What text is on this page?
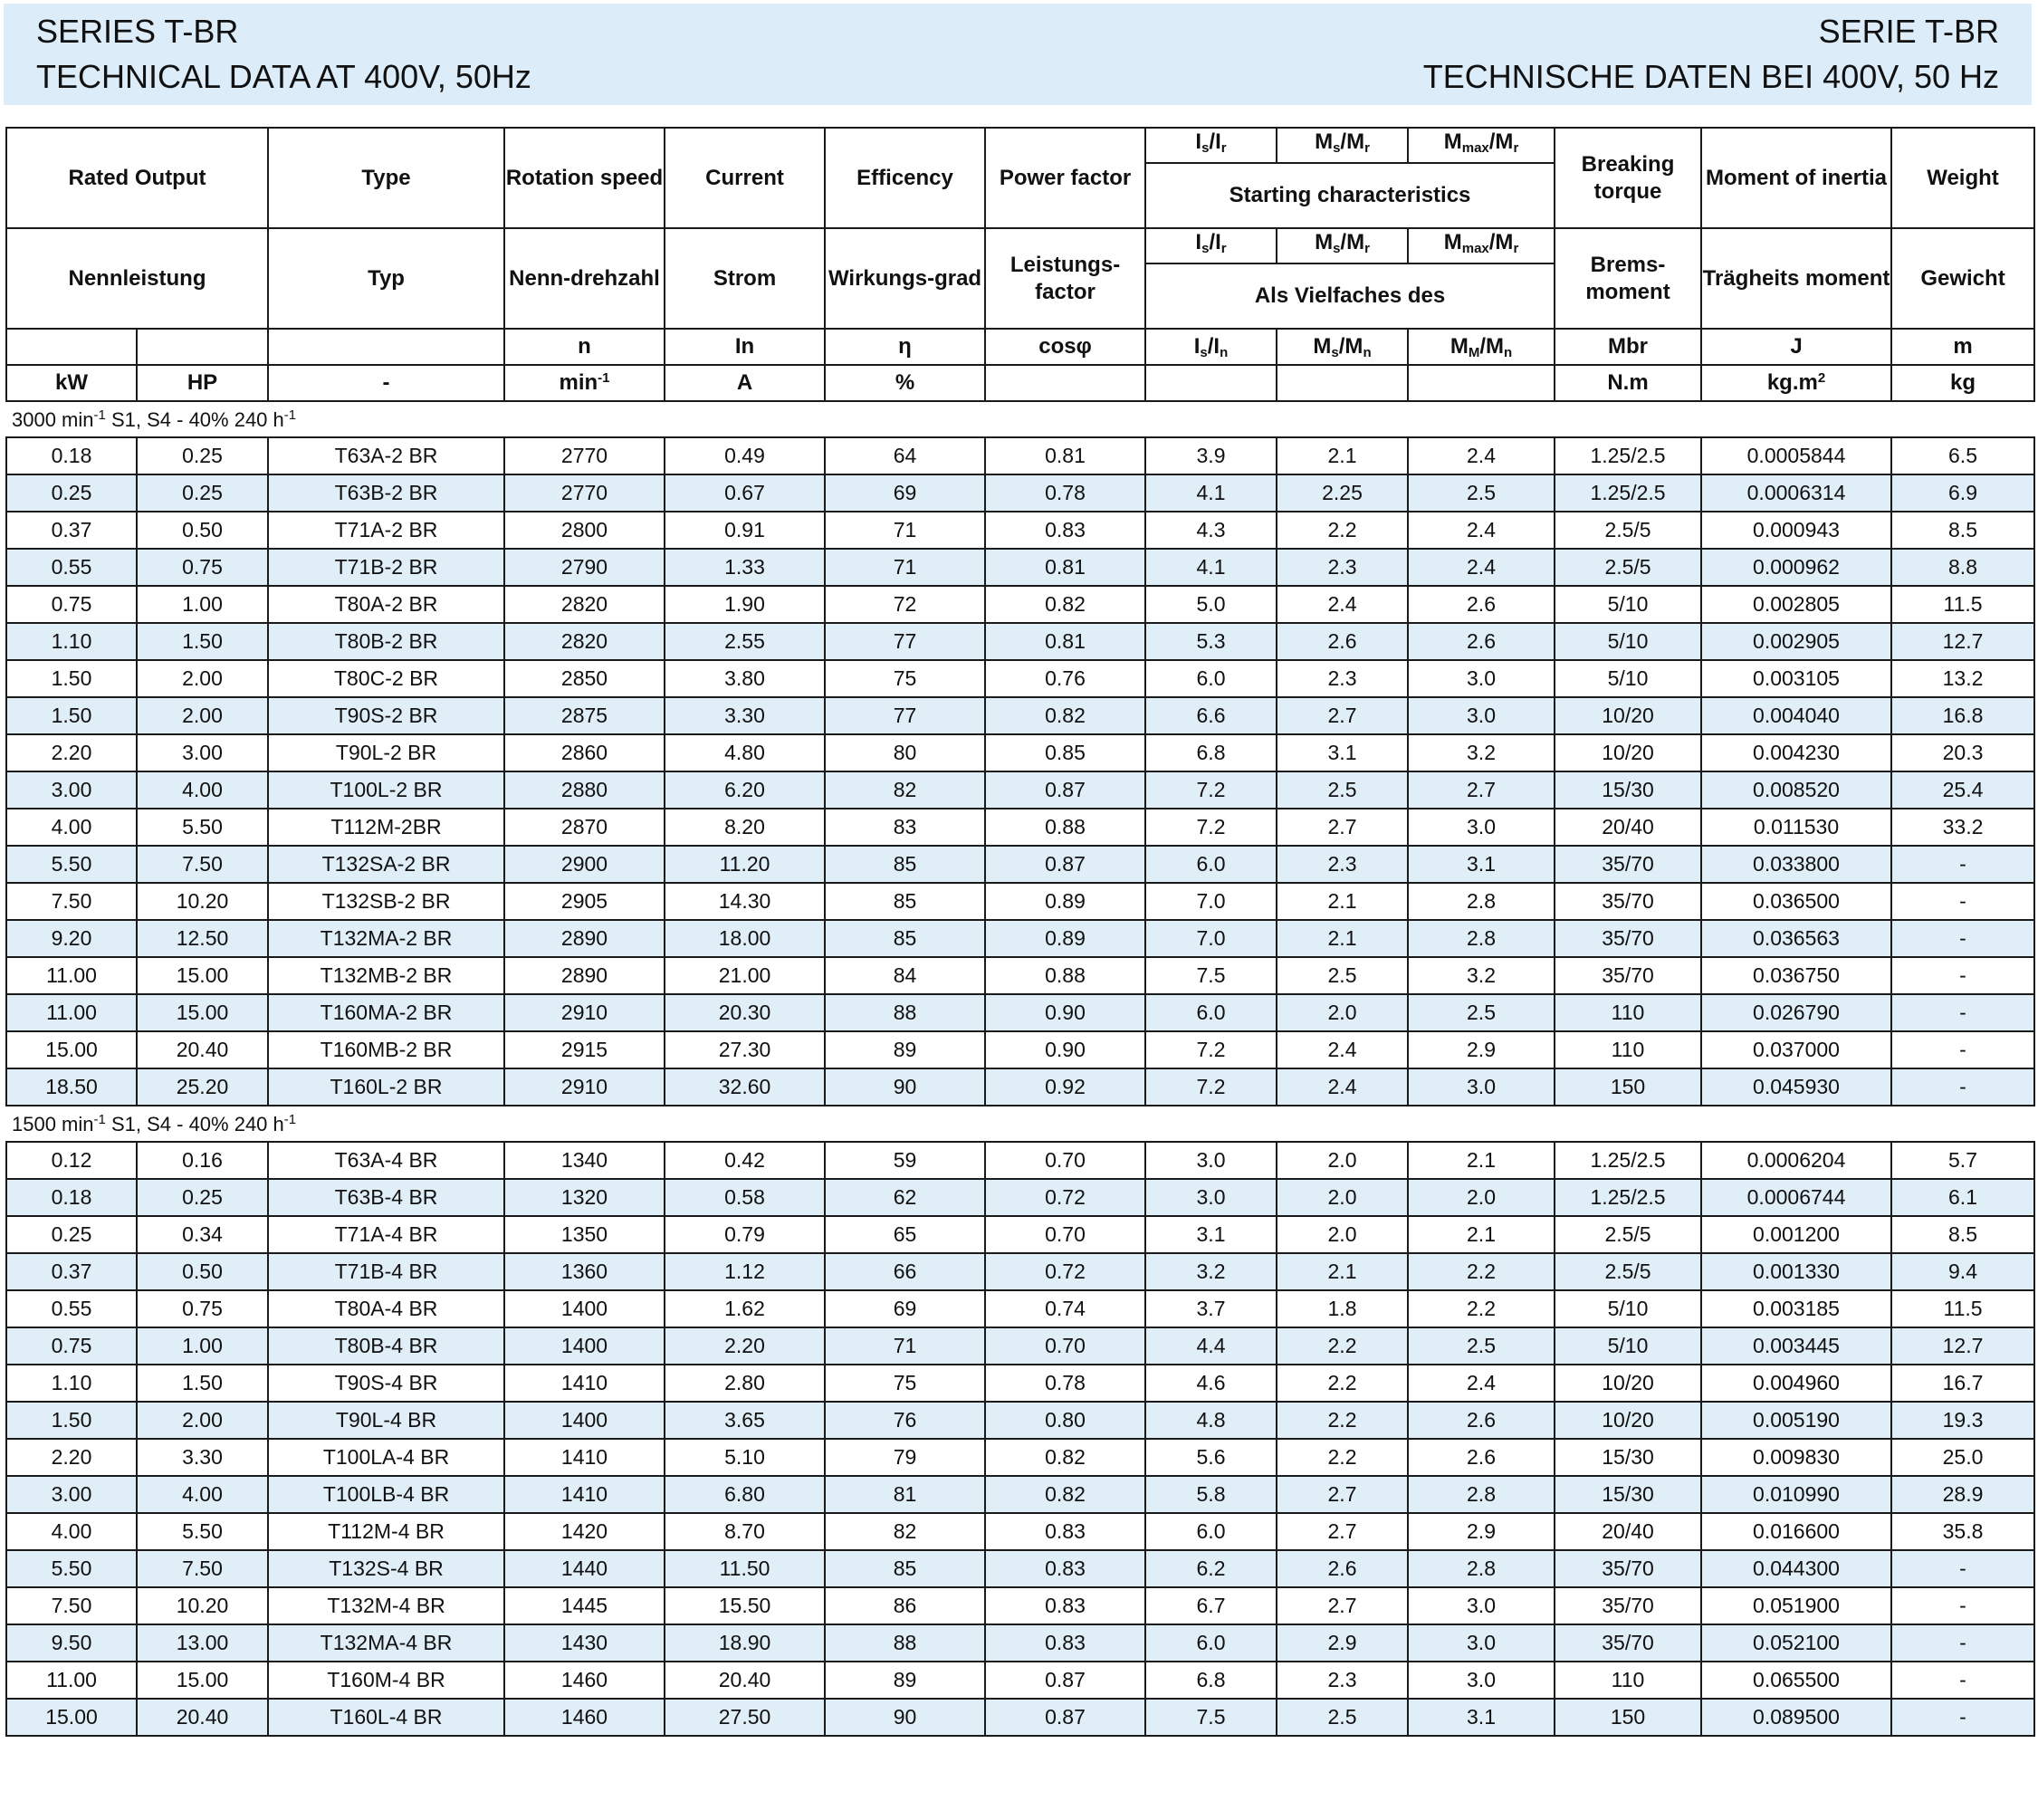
SERIES T-BR
TECHNICAL DATA AT 400V, 50Hz
SERIE T-BR
TECHNISCHE DATEN BEI 400V, 50 Hz
Rated Output		Type	Rotation speed	Current	Efficency	Power factor	$I_s/I_r$	$M_s/M_r$	$M_{max}/M_r$	Breaking torque	Moment of inertia	Weight
							Starting characteristics					
Nennleistung		Typ	Nenn-drehzahl	Strom	Wirkungs-grad	Leistungs-factor	$I_s/I_r$	$M_s/M_r$	$M_{max}/M_r$	Brems-moment	Trägheits moment	Gewicht
							Als Vielfaches des					
			n	In	η	cosφ	$I_s/I_n$	$M_s/M_n$	$M_M/M_n$	Mbr	J	m
kW	HP	-	$\min^{-1}$	A	%					N.m	$kg.m^2$	kg
3000 $\min^{-1} S1$, S4 - 40% 240 $h^{-1}$
0.18	0.25	T63A-2 BR	2770	0.49	64	0.81	3.9	2.1	2.4	1.25/2.5	0.0005844	6.5
0.25	0.25	T63B-2 BR	2770	0.67	69	0.78	4.1	2.25	2.5	1.25/2.5	0.0006314	6.9
0.37	0.50	T71A-2 BR	2800	0.91	71	0.83	4.3	2.2	2.4	2.5/5	0.000943	8.5
0.55	0.75	T71B-2 BR	2790	1.33	71	0.81	4.1	2.3	2.4	2.5/5	0.000962	8.8
0.75	1.00	T80A-2 BR	2820	1.90	72	0.82	5.0	2.4	2.6	5/10	0.002805	11.5
1.10	1.50	T80B-2 BR	2820	2.55	77	0.81	5.3	2.6	2.6	5/10	0.002905	12.7
1.50	2.00	T80C-2 BR	2850	3.80	75	0.76	6.0	2.3	3.0	5/10	0.003105	13.2
1.50	2.00	T90S-2 BR	2875	3.30	77	0.82	6.6	2.7	3.0	10/20	0.004040	16.8
2.20	3.00	T90L-2 BR	2860	4.80	80	0.85	6.8	3.1	3.2	10/20	0.004230	20.3
3.00	4.00	T100L-2 BR	2880	6.20	82	0.87	7.2	2.5	2.7	15/30	0.008520	25.4
4.00	5.50	T112M-2BR	2870	8.20	83	0.88	7.2	2.7	3.0	20/40	0.011530	33.2
5.50	7.50	T132SA-2 BR	2900	11.20	85	0.87	6.0	2.3	3.1	35/70	0.033800	-
7.50	10.20	T132SB-2 BR	2905	14.30	85	0.89	7.0	2.1	2.8	35/70	0.036500	-
9.20	12.50	T132MA-2 BR	2890	18.00	85	0.89	7.0	2.1	2.8	35/70	0.036563	-
11.00	15.00	T132MB-2 BR	2890	21.00	84	0.88	7.5	2.5	3.2	35/70	0.036750	-
11.00	15.00	T160MA-2 BR	2910	20.30	88	0.90	6.0	2.0	2.5	110	0.026790	-
15.00	20.40	T160MB-2 BR	2915	27.30	89	0.90	7.2	2.4	2.9	110	0.037000	-
18.50	25.20	T160L-2 BR	2910	32.60	90	0.92	7.2	2.4	3.0	150	0.045930	-
1500 $\min^{-1} S1$, S4 - 40% 240 $h^{-1}$
0.12	0.16	T63A-4 BR	1340	0.42	59	0.70	3.0	2.0	2.1	1.25/2.5	0.0006204	5.7
0.18	0.25	T63B-4 BR	1320	0.58	62	0.72	3.0	2.0	2.0	1.25/2.5	0.0006744	6.1
0.25	0.34	T71A-4 BR	1350	0.79	65	0.70	3.1	2.0	2.1	2.5/5	0.001200	8.5
0.37	0.50	T71B-4 BR	1360	1.12	66	0.72	3.2	2.1	2.2	2.5/5	0.001330	9.4
0.55	0.75	T80A-4 BR	1400	1.62	69	0.74	3.7	1.8	2.2	5/10	0.003185	11.5
0.75	1.00	T80B-4 BR	1400	2.20	71	0.70	4.4	2.2	2.5	5/10	0.003445	12.7
1.10	1.50	T90S-4 BR	1410	2.80	75	0.78	4.6	2.2	2.4	10/20	0.004960	16.7
1.50	2.00	T90L-4 BR	1400	3.65	76	0.80	4.8	2.2	2.6	10/20	0.005190	19.3
2.20	3.30	T100LA-4 BR	1410	5.10	79	0.82	5.6	2.2	2.6	15/30	0.009830	25.0
3.00	4.00	T100LB-4 BR	1410	6.80	81	0.82	5.8	2.7	2.8	15/30	0.010990	28.9
4.00	5.50	T112M-4 BR	1420	8.70	82	0.83	6.0	2.7	2.9	20/40	0.016600	35.8
5.50	7.50	T132S-4 BR	1440	11.50	85	0.83	6.2	2.6	2.8	35/70	0.044300	-
7.50	10.20	T132M-4 BR	1445	15.50	86	0.83	6.7	2.7	3.0	35/70	0.051900	-
9.50	13.00	T132MA-4 BR	1430	18.90	88	0.83	6.0	2.9	3.0	35/70	0.052100	-
11.00	15.00	T160M-4 BR	1460	20.40	89	0.87	6.8	2.3	3.0	110	0.065500	-
15.00	20.40	T160L-4 BR	1460	27.50	90	0.87	7.5	2.5	3.1	150	0.089500	-
